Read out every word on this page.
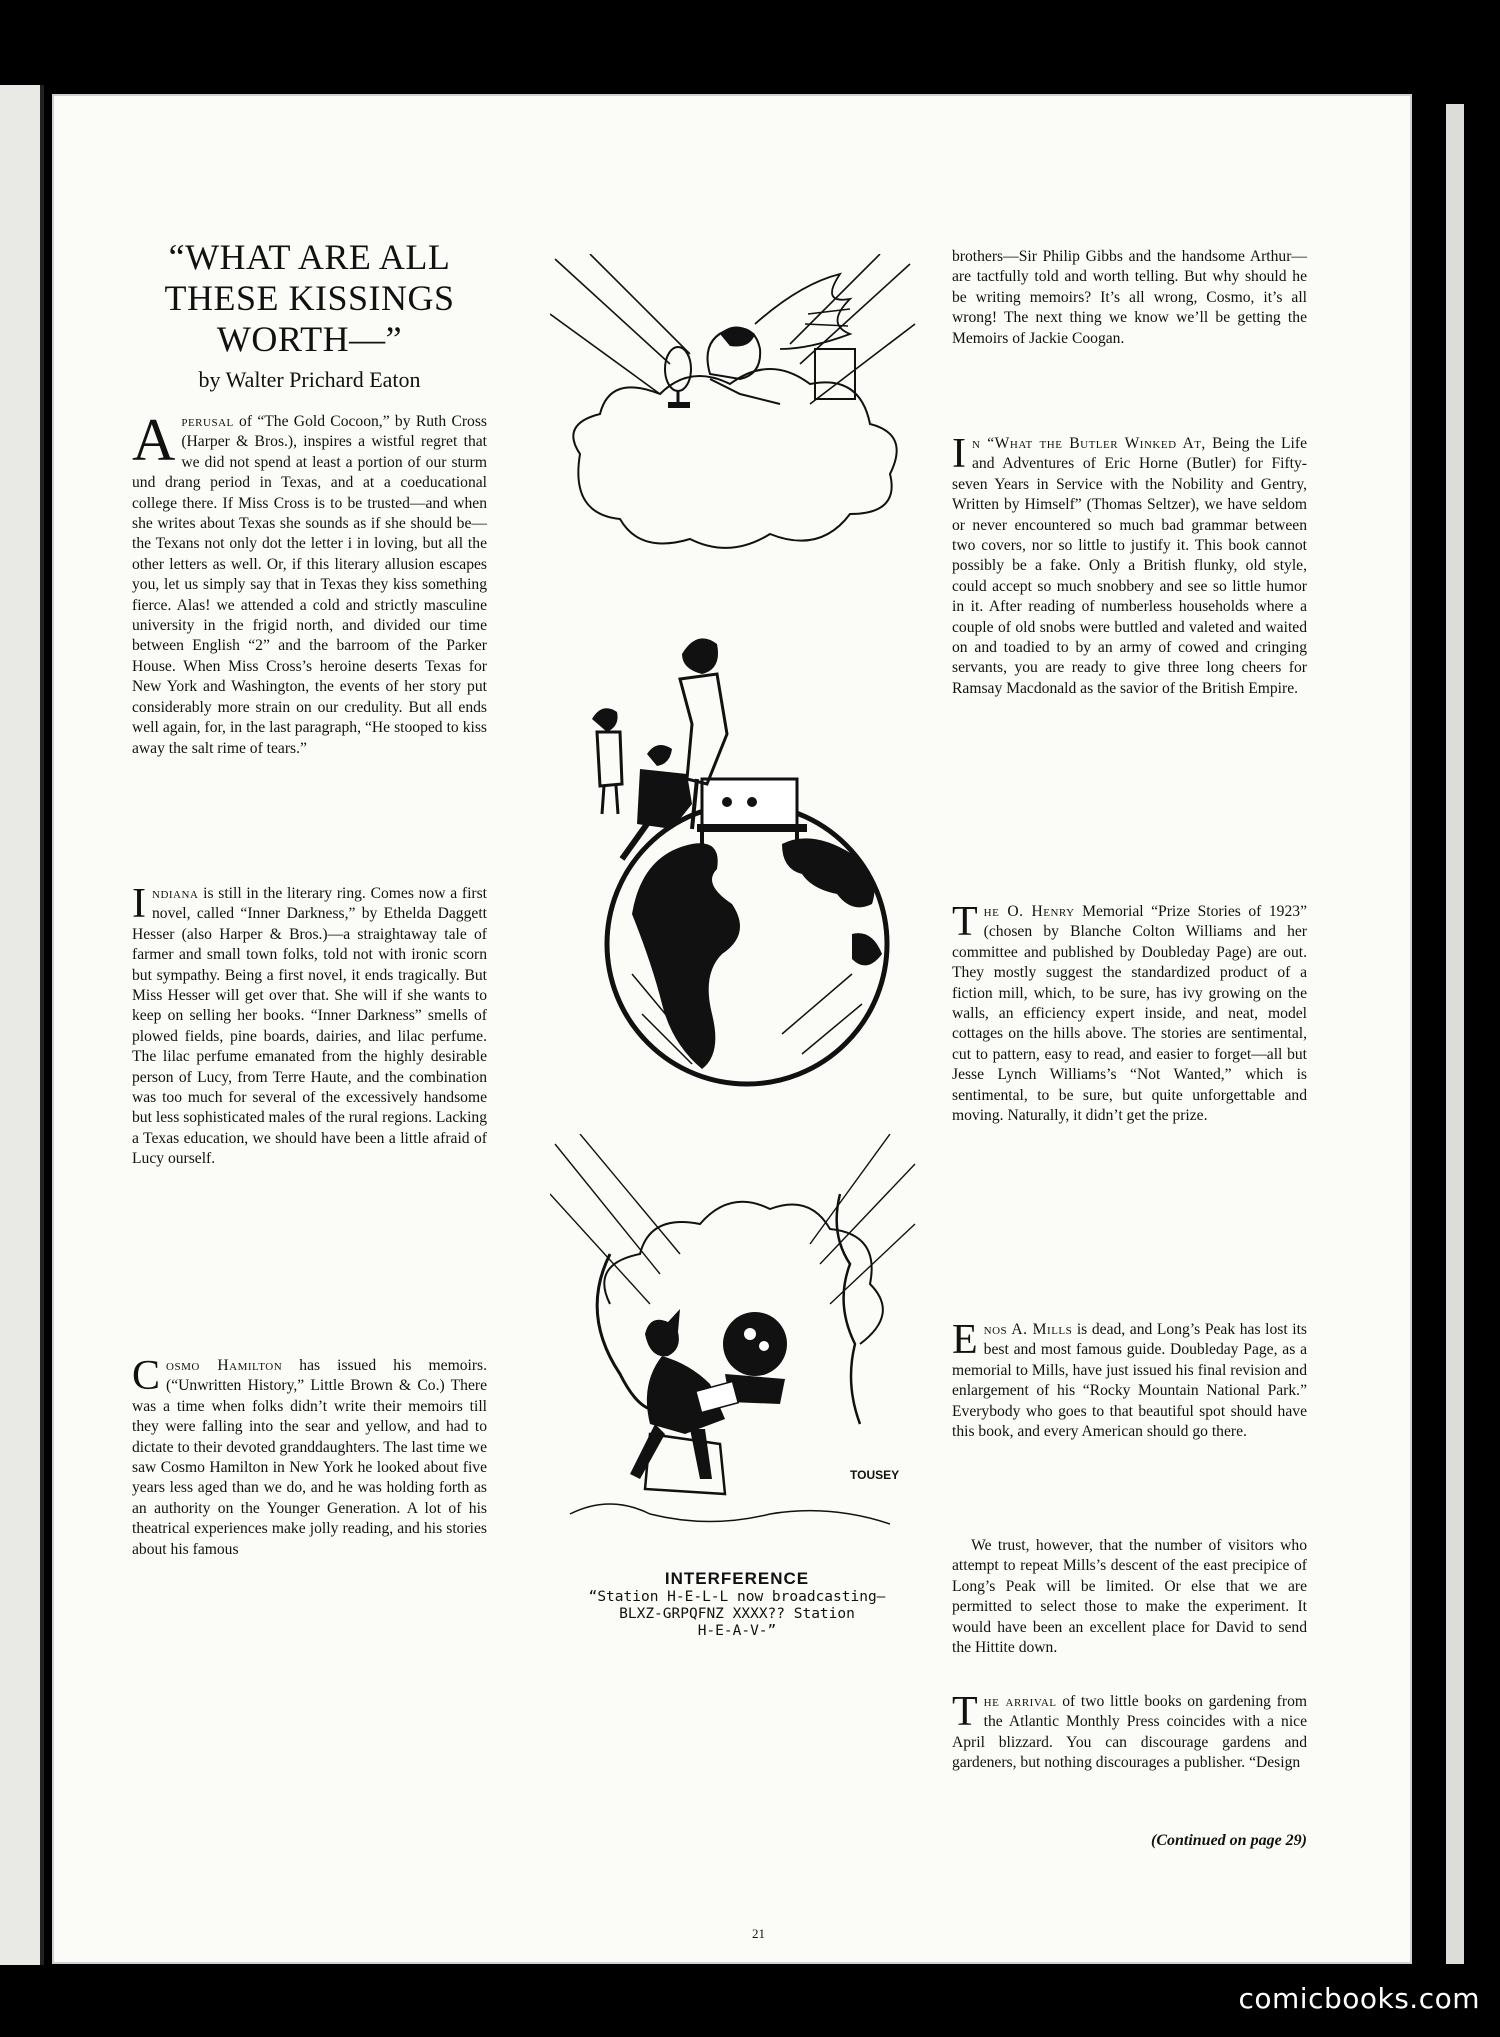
“WHAT ARE ALL THESE KISSINGS WORTH—”
by Walter Prichard Eaton

A perusal of “The Gold Cocoon,” by Ruth Cross (Harper & Bros.), inspires a wistful regret that we did not spend at least a portion of our sturm und drang period in Texas, and at a coeducational college there. If Miss Cross is to be trusted—and when she writes about Texas she sounds as if she should be—the Texans not only dot the letter i in loving, but all the other letters as well. Or, if this literary allusion escapes you, let us simply say that in Texas they kiss something fierce. Alas! we attended a cold and strictly masculine university in the frigid north, and divided our time between English “2” and the barroom of the Parker House. When Miss Cross’s heroine deserts Texas for New York and Washington, the events of her story put considerably more strain on our credulity. But all ends well again, for, in the last paragraph, “He stooped to kiss away the salt rime of tears.”

Indiana is still in the literary ring. Comes now a first novel, called “Inner Darkness,” by Ethelda Daggett Hesser (also Harper & Bros.)—a straightaway tale of farmer and small town folks, told not with ironic scorn but sympathy. Being a first novel, it ends tragically. But Miss Hesser will get over that. She will if she wants to keep on selling her books. “Inner Darkness” smells of plowed fields, pine boards, dairies, and lilac perfume. The lilac perfume emanated from the highly desirable person of Lucy, from Terre Haute, and the combination was too much for several of the excessively handsome but less sophisticated males of the rural regions. Lacking a Texas education, we should have been a little afraid of Lucy ourself.

Cosmo Hamilton has issued his memoirs. (“Unwritten History,” Little Brown & Co.) There was a time when folks didn’t write their memoirs till they were falling into the sear and yellow, and had to dictate to their devoted granddaughters. The last time we saw Cosmo Hamilton in New York he looked about five years less aged than we do, and he was holding forth as an authority on the Younger Generation. A lot of his theatrical experiences make jolly reading, and his stories about his famous

TOUSEY
INTERFERENCE
“Station H-E-L-L now broadcasting—
BLXZ-GRPQFNZ XXXX?? Station
H-E-A-V-”

brothers—Sir Philip Gibbs and the handsome Arthur—are tactfully told and worth telling. But why should he be writing memoirs? It’s all wrong, Cosmo, it’s all wrong! The next thing we know we’ll be getting the Memoirs of Jackie Coogan.

In “What the Butler Winked At, Being the Life and Adventures of Eric Horne (Butler) for Fifty-seven Years in Service with the Nobility and Gentry, Written by Himself” (Thomas Seltzer), we have seldom or never encountered so much bad grammar between two covers, nor so little to justify it. This book cannot possibly be a fake. Only a British flunky, old style, could accept so much snobbery and see so little humor in it. After reading of numberless households where a couple of old snobs were buttled and valeted and waited on and toadied to by an army of cowed and cringing servants, you are ready to give three long cheers for Ramsay Macdonald as the savior of the British Empire.

The O. Henry Memorial “Prize Stories of 1923” (chosen by Blanche Colton Williams and her committee and published by Doubleday Page) are out. They mostly suggest the standardized product of a fiction mill, which, to be sure, has ivy growing on the walls, an efficiency expert inside, and neat, model cottages on the hills above. The stories are sentimental, cut to pattern, easy to read, and easier to forget—all but Jesse Lynch Williams’s “Not Wanted,” which is sentimental, to be sure, but quite unforgettable and moving. Naturally, it didn’t get the prize.

Enos A. Mills is dead, and Long’s Peak has lost its best and most famous guide. Doubleday Page, as a memorial to Mills, have just issued his final revision and enlargement of his “Rocky Mountain National Park.” Everybody who goes to that beautiful spot should have this book, and every American should go there.

We trust, however, that the number of visitors who attempt to repeat Mills’s descent of the east precipice of Long’s Peak will be limited. Or else that we are permitted to select those to make the experiment. It would have been an excellent place for David to send the Hittite down.

The arrival of two little books on gardening from the Atlantic Monthly Press coincides with a nice April blizzard. You can discourage gardens and gardeners, but nothing discourages a publisher. “Design

(Continued on page 29)
21
comicbooks.com
